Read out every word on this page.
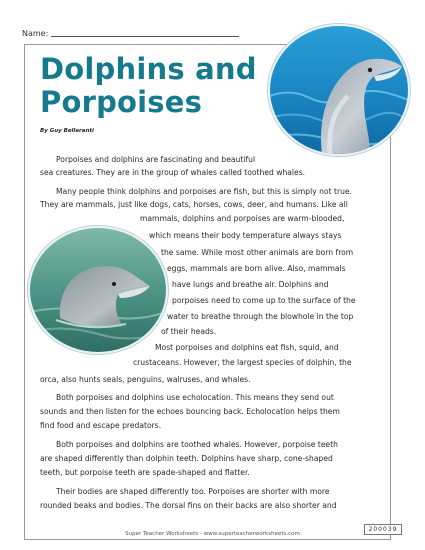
Name:
Dolphins and
Porpoises
By Guy Belleranti
Porpoises and dolphins are fascinating and beautiful
sea creatures. They are in the group of whales called toothed whales.
Many people think dolphins and porpoises are fish, but this is simply not true.
They are mammals, just like dogs, cats, horses, cows, deer, and humans. Like all
mammals, dolphins and porpoises are warm-blooded,
which means their body temperature always stays
the same. While most other animals are born from
eggs, mammals are born alive. Also, mammals
have lungs and breathe air. Dolphins and
porpoises need to come up to the surface of the
water to breathe through the blowhole in the top
of their heads.
Most porpoises and dolphins eat fish, squid, and
crustaceans. However, the largest species of dolphin, the
orca, also hunts seals, penguins, walruses, and whales.
Both porpoises and dolphins use echolocation. This means they send out
sounds and then listen for the echoes bouncing back. Echolocation helps them
find food and escape predators.
Both porpoises and dolphins are toothed whales. However, porpoise teeth
are shaped differently than dolphin teeth. Dolphins have sharp, cone-shaped
teeth, but porpoise teeth are spade-shaped and flatter.
Their bodies are shaped differently too. Porpoises are shorter with more
rounded beaks and bodies. The dorsal fins on their backs are also shorter and
Super Teacher Worksheets - www.superteacherworksheets.com
200039
